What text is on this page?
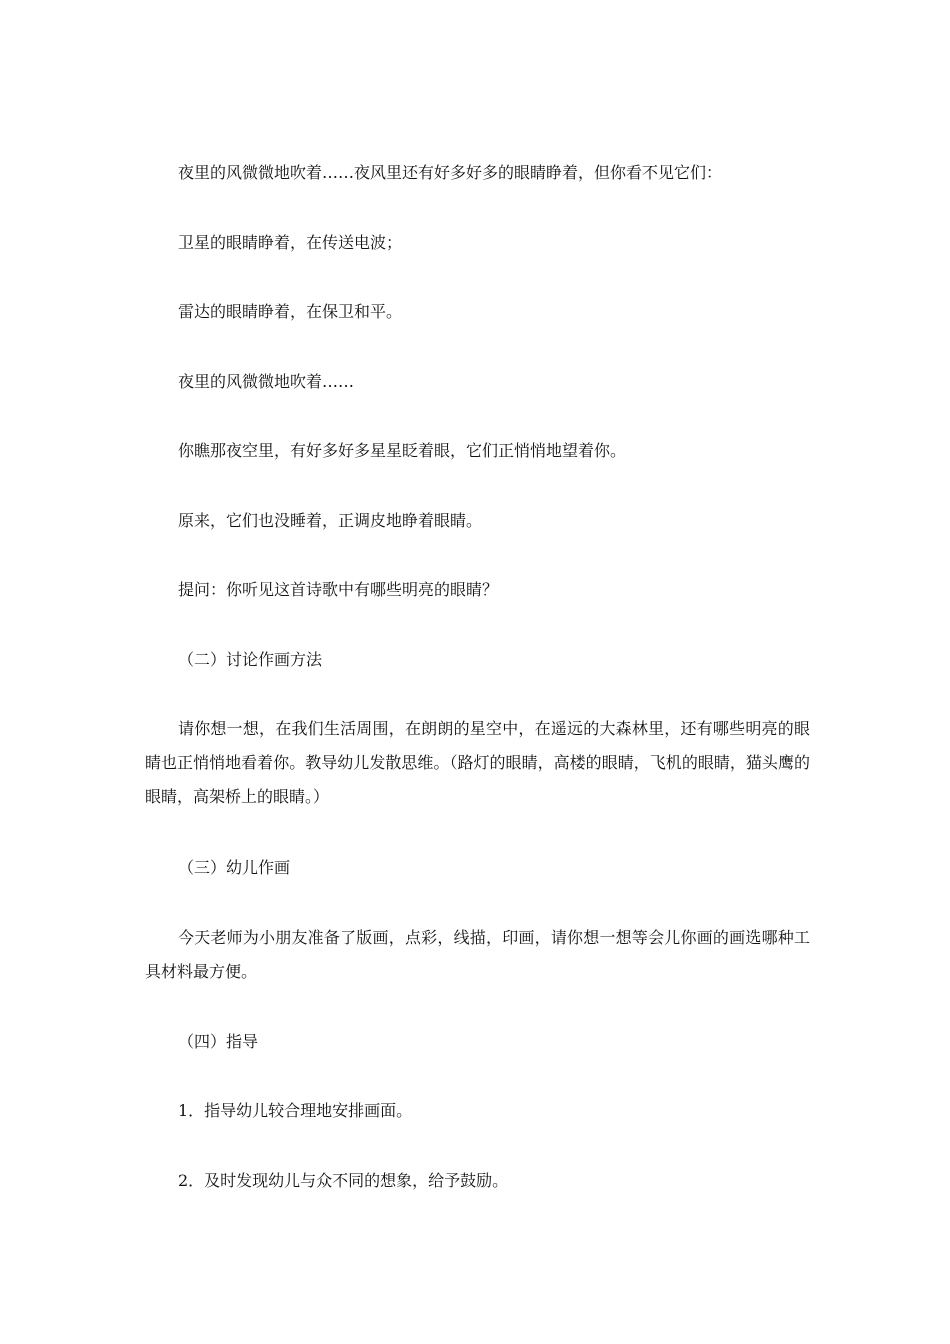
夜里的风微微地吹着……夜风里还有好多好多的眼睛睁着，但你看不见它们：
卫星的眼睛睁着，在传送电波；
雷达的眼睛睁着，在保卫和平。
夜里的风微微地吹着……
你瞧那夜空里，有好多好多星星眨着眼，它们正悄悄地望着你。
原来，它们也没睡着，正调皮地睁着眼睛。
提问：你听见这首诗歌中有哪些明亮的眼睛？
（二）讨论作画方法
请你想一想，在我们生活周围，在朗朗的星空中，在遥远的大森林里，还有哪些明亮的眼睛也正悄悄地看着你。教导幼儿发散思维。（路灯的眼睛，高楼的眼睛，飞机的眼睛，猫头鹰的眼睛，高架桥上的眼睛。）
（三）幼儿作画
今天老师为小朋友准备了版画，点彩，线描，印画，请你想一想等会儿你画的画选哪种工具材料最方便。
（四）指导
1．指导幼儿较合理地安排画面。
2．及时发现幼儿与众不同的想象，给予鼓励。
